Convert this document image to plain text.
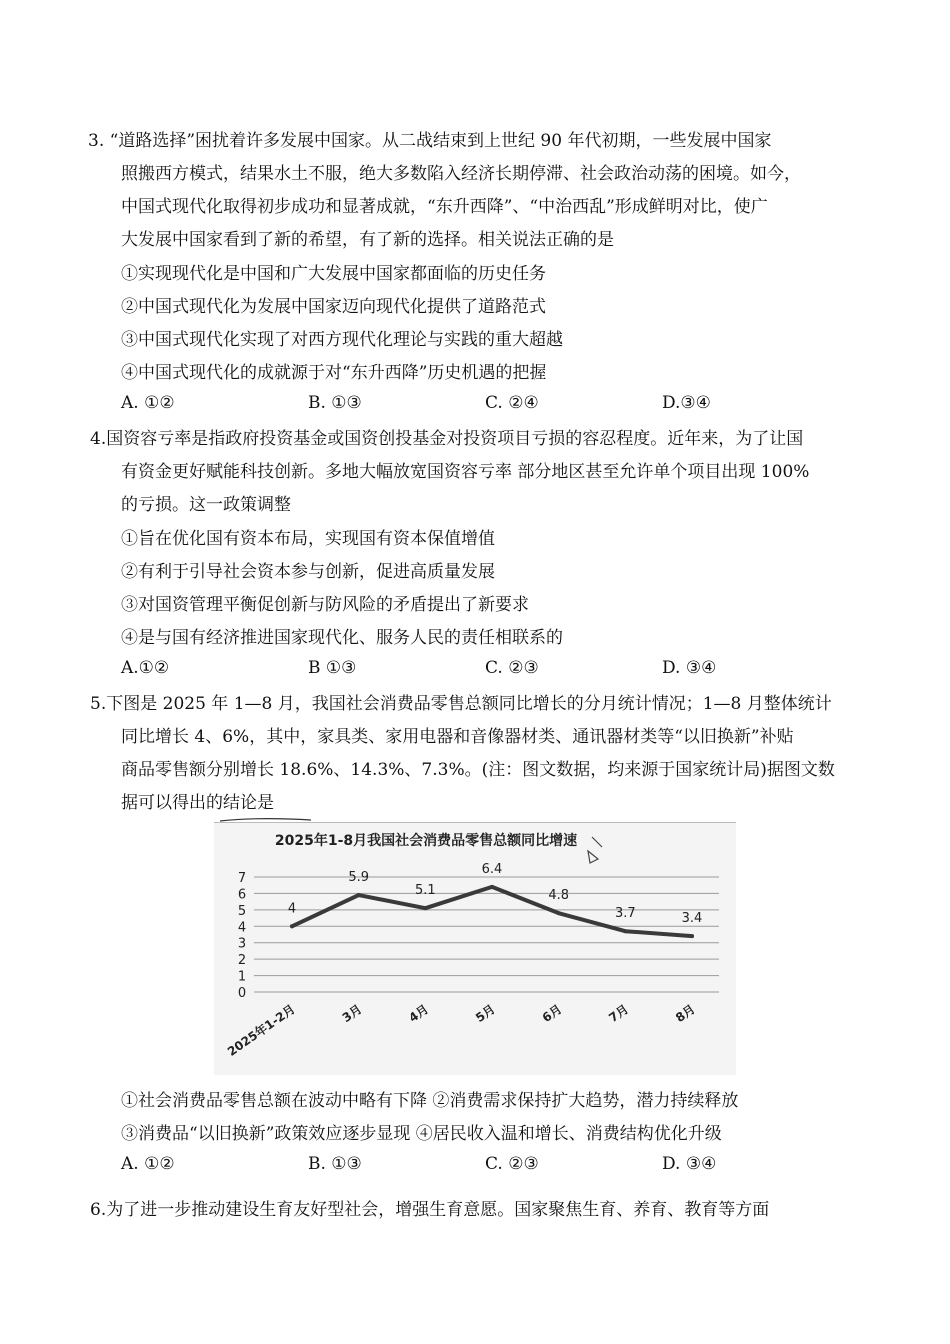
3. “道路选择”困扰着许多发展中国家。从二战结束到上世纪 90 年代初期，一些发展中国家
照搬西方模式，结果水土不服，绝大多数陷入经济长期停滞、社会政治动荡的困境。如今，
中国式现代化取得初步成功和显著成就，“东升西降”、“中治西乱”形成鲜明对比，使广
大发展中国家看到了新的希望，有了新的选择。相关说法正确的是
①实现现代化是中国和广大发展中国家都面临的历史任务
②中国式现代化为发展中国家迈向现代化提供了道路范式
③中国式现代化实现了对西方现代化理论与实践的重大超越
④中国式现代化的成就源于对“东升西降”历史机遇的把握
A. ①②	B. ①③	C. ②④	D.③④
4.国资容亏率是指政府投资基金或国资创投基金对投资项目亏损的容忍程度。近年来，为了让国
有资金更好赋能科技创新。多地大幅放宽国资容亏率 部分地区甚至允许单个项目出现 100%
的亏损。这一政策调整
①旨在优化国有资本布局，实现国有资本保值增值
②有利于引导社会资本参与创新，促进高质量发展
③对国资管理平衡促创新与防风险的矛盾提出了新要求
④是与国有经济推进国家现代化、服务人民的责任相联系的
A.①②	B ①③	C. ②③	D. ③④
5.下图是 2025 年 1—8 月，我国社会消费品零售总额同比增长的分月统计情况；1—8 月整体统计
同比增长 4、6%，其中，家具类、家用电器和音像器材类、通讯器材类等“以旧换新”补贴
商品零售额分别增长 18.6%、14.3%、7.3%。(注：图文数据，均来源于国家统计局)据图文数
据可以得出的结论是
2025年1-8月我国社会消费品零售总额同比增速
0
1
2
3
4
5
6
7
4
5.9
5.1
6.4
4.8
3.7	3.4
2025年1-2月	3月	4月	5月	6月	7月	8月
①社会消费品零售总额在波动中略有下降 ②消费需求保持扩大趋势，潜力持续释放
③消费品“以旧换新”政策效应逐步显现 ④居民收入温和增长、消费结构优化升级
A. ①②	B. ①③	C. ②③	D. ③④
6.为了进一步推动建设生育友好型社会，增强生育意愿。国家聚焦生育、养育、教育等方面
